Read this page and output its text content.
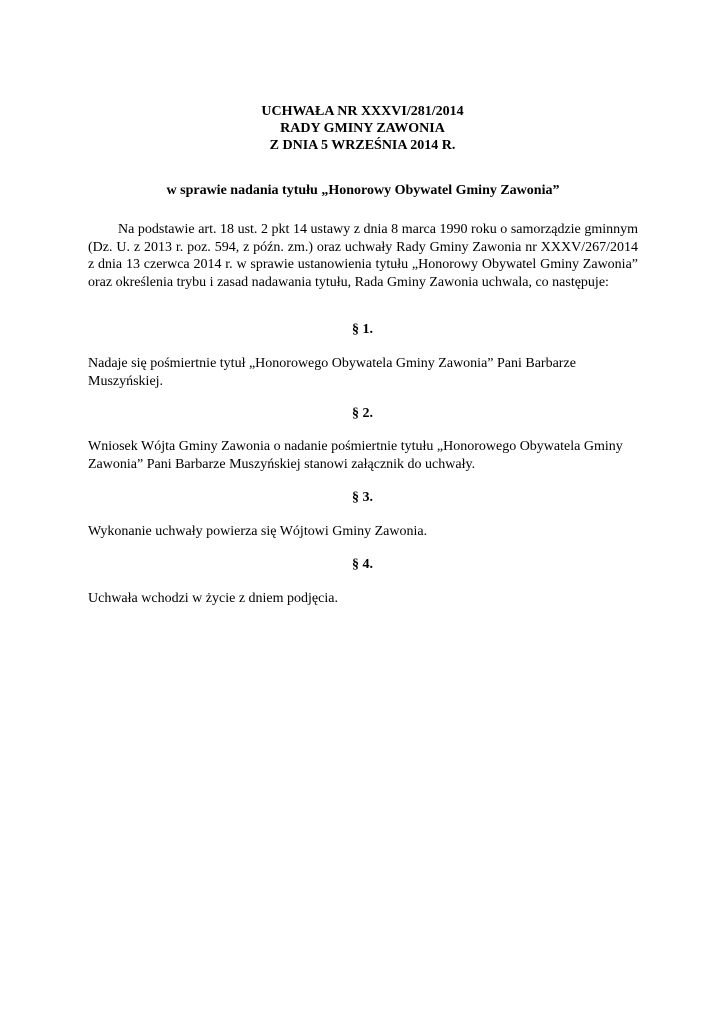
UCHWAŁA NR XXXVI/281/2014
RADY GMINY ZAWONIA
Z DNIA 5 WRZEŚNIA 2014 R.
w sprawie nadania tytułu „Honorowy Obywatel Gminy Zawonia”

Na podstawie art. 18 ust. 2 pkt 14 ustawy z dnia 8 marca 1990 roku o samorządzie gminnym (Dz. U. z 2013 r. poz. 594, z późn. zm.) oraz uchwały Rady Gminy Zawonia nr XXXV/267/2014 z dnia 13 czerwca 2014 r. w sprawie ustanowienia tytułu „Honorowy Obywatel Gminy Zawonia” oraz określenia trybu i zasad nadawania tytułu, Rada Gminy Zawonia uchwala, co następuje:

§ 1.

Nadaje się pośmiertnie tytuł „Honorowego Obywatela Gminy Zawonia” Pani Barbarze Muszyńskiej.

§ 2.

Wniosek Wójta Gminy Zawonia o nadanie pośmiertnie tytułu „Honorowego Obywatela Gminy Zawonia” Pani Barbarze Muszyńskiej stanowi załącznik do uchwały.

§ 3.

Wykonanie uchwały powierza się Wójtowi Gminy Zawonia.

§ 4.

Uchwała wchodzi w życie z dniem podjęcia.
